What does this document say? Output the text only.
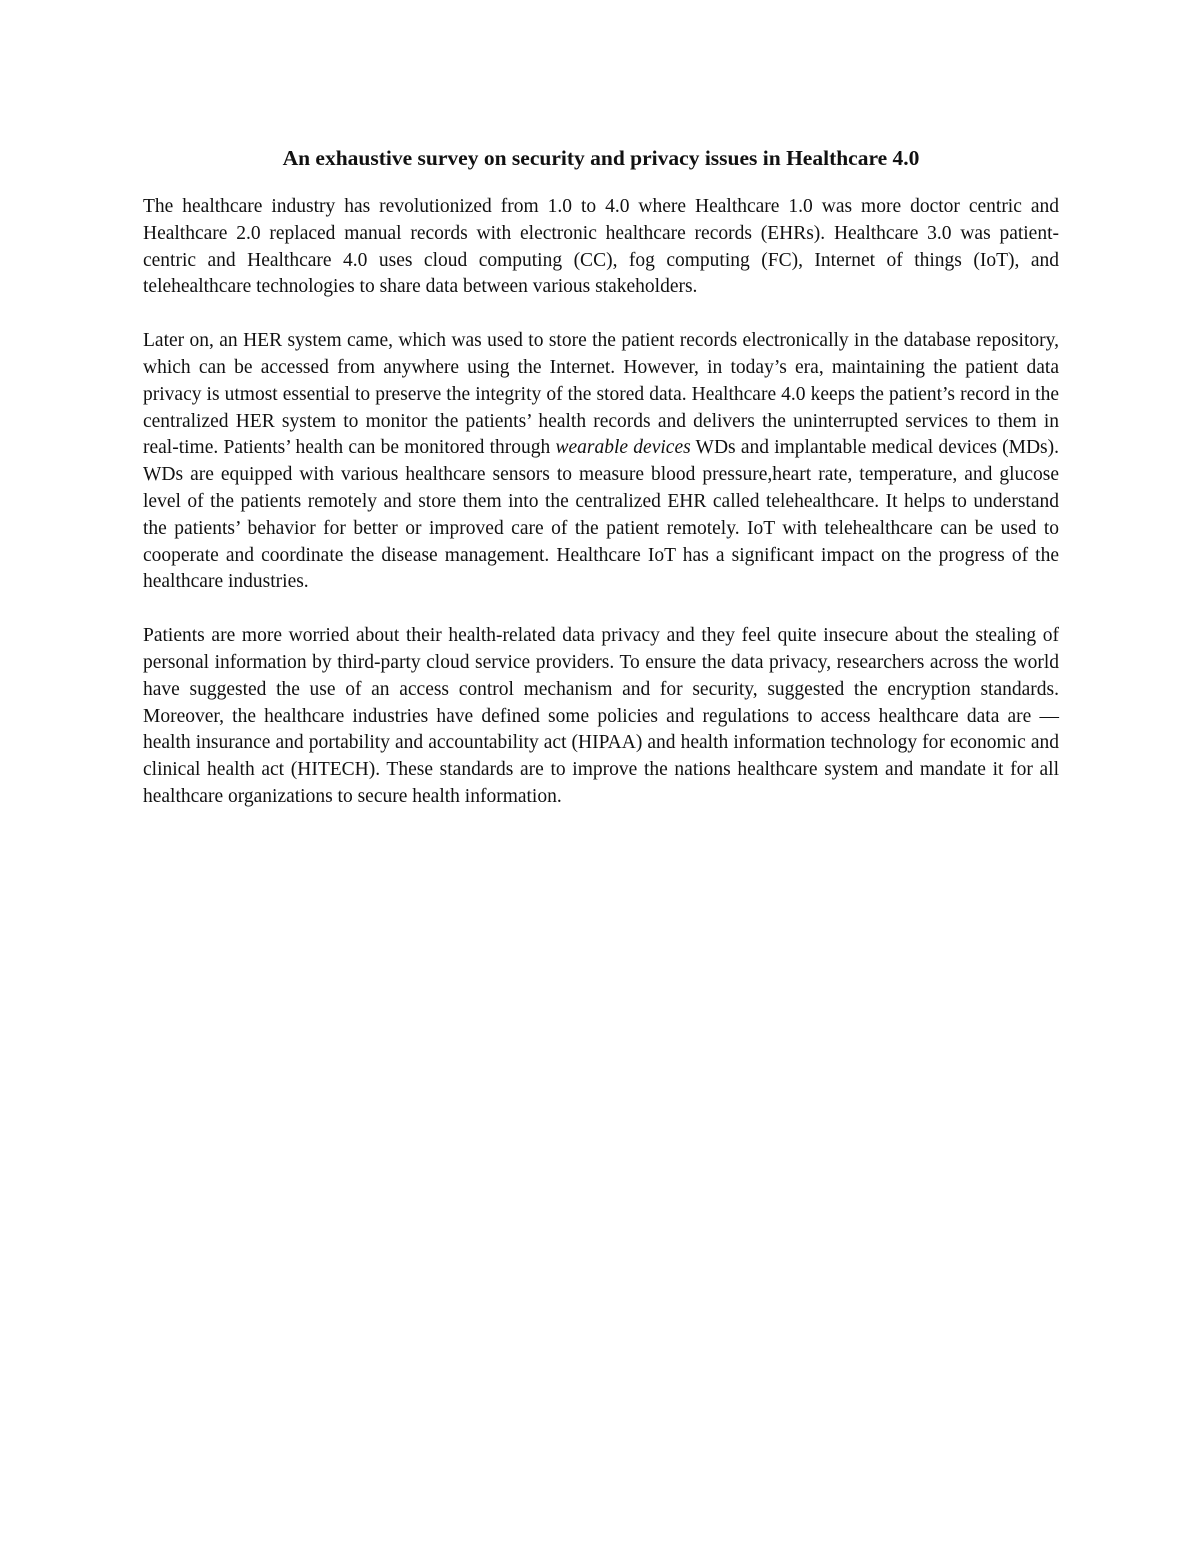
An exhaustive survey on security and privacy issues in Healthcare 4.0

The healthcare industry has revolutionized from 1.0 to 4.0 where Healthcare 1.0 was more doctor centric and Healthcare 2.0 replaced manual records with electronic healthcare records (EHRs). Healthcare 3.0 was patient-centric and Healthcare 4.0 uses cloud computing (CC), fog computing (FC), Internet of things (IoT), and telehealthcare technologies to share data between various stakeholders.

Later on, an HER system came, which was used to store the patient records electronically in the database repository, which can be accessed from anywhere using the Internet. However, in today’s era, maintaining the patient data privacy is utmost essential to preserve the integrity of the stored data. Healthcare 4.0 keeps the patient’s record in the centralized HER system to monitor the patients’ health records and delivers the uninterrupted services to them in real-time. Patients’ health can be monitored through wearable devices WDs and implantable medical devices (MDs). WDs are equipped with various healthcare sensors to measure blood pressure,heart rate, temperature, and glucose level of the patients remotely and store them into the centralized EHR called telehealthcare. It helps to understand the patients’ behavior for better or improved care of the patient remotely. IoT with telehealthcare can be used to cooperate and coordinate the disease management. Healthcare IoT has a significant impact on the progress of the healthcare industries.

Patients are more worried about their health-related data privacy and they feel quite insecure about the stealing of personal information by third-party cloud service providers. To ensure the data privacy, researchers across the world have suggested the use of an access control mechanism and for security, suggested the encryption standards. Moreover, the healthcare industries have defined some policies and regulations to access healthcare data are — health insurance and portability and accountability act (HIPAA) and health information technology for economic and clinical health act (HITECH). These standards are to improve the nations healthcare system and mandate it for all healthcare organizations to secure health information.
